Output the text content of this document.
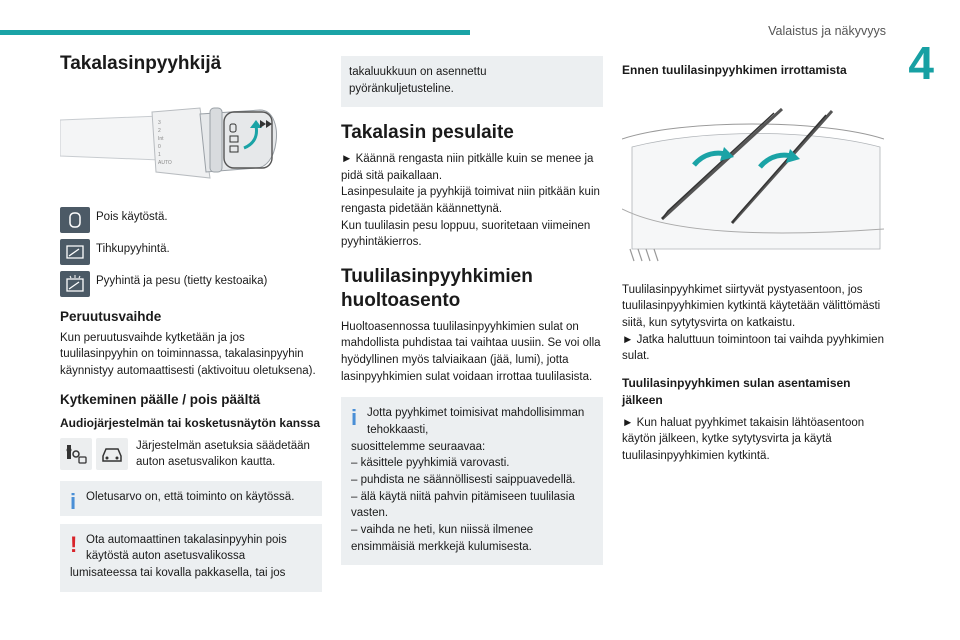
Valaistus ja näkyvyys
4
Takalasinpyyhkijä
3
2
Int
0
1
AUTO

Pois käytöstä.

Tihkupyyhintä.

Pyyhintä ja pesu (tietty kestoaika)

Peruutusvaihde

Kun peruutusvaihde kytketään ja jos tuulilasinpyyhin on toiminnassa, takalasinpyyhin käynnistyy automaattisesti (aktivoituu oletuksena).

Kytkeminen päälle / pois päältä
Audiojärjestelmän tai kosketusnäytön kanssa

Järjestelmän asetuksia säädetään auton asetusvalikon kautta.

i Oletusarvo on, että toiminto on käytössä.

! Ota automaattinen takalasinpyyhin pois käytöstä auton asetusvalikossa

lumisateessa tai kovalla pakkasella, tai jos

takaluukkuun on asennettu pyöränkuljetusteline.

Takalasin pesulaite

► Käännä rengasta niin pitkälle kuin se menee ja pidä sitä paikallaan.

Lasinpesulaite ja pyyhkijä toimivat niin pitkään kuin rengasta pidetään käännettynä.

Kun tuulilasin pesu loppuu, suoritetaan viimeinen pyyhintäkierros.

Tuulilasinpyyhkimien huoltoasento

Huoltoasennossa tuulilasinpyyhkimien sulat on mahdollista puhdistaa tai vaihtaa uusiin. Se voi olla hyödyllinen myös talviaikaan (jää, lumi), jotta lasinpyyhkimien sulat voidaan irrottaa tuulilasista.

i Jotta pyyhkimet toimisivat mahdollisimman tehokkaasti,

suosittelemme seuraavaa:

– käsittele pyyhkimiä varovasti.

– puhdista ne säännöllisesti saippuavedellä.

– älä käytä niitä pahvin pitämiseen tuulilasia vasten.

– vaihda ne heti, kun niissä ilmenee ensimmäisiä merkkejä kulumisesta.

Ennen tuulilasinpyyhkimen irrottamista

Tuulilasinpyyhkimet siirtyvät pystyasentoon, jos tuulilasinpyyhkimien kytkintä käytetään välittömästi siitä, kun sytytysvirta on katkaistu.

► Jatka haluttuun toimintoon tai vaihda pyyhkimien sulat.

Tuulilasinpyyhkimen sulan asentamisen jälkeen

► Kun haluat pyyhkimet takaisin lähtöasentoon käytön jälkeen, kytke sytytysvirta ja käytä tuulilasinpyyhkimien kytkintä.
